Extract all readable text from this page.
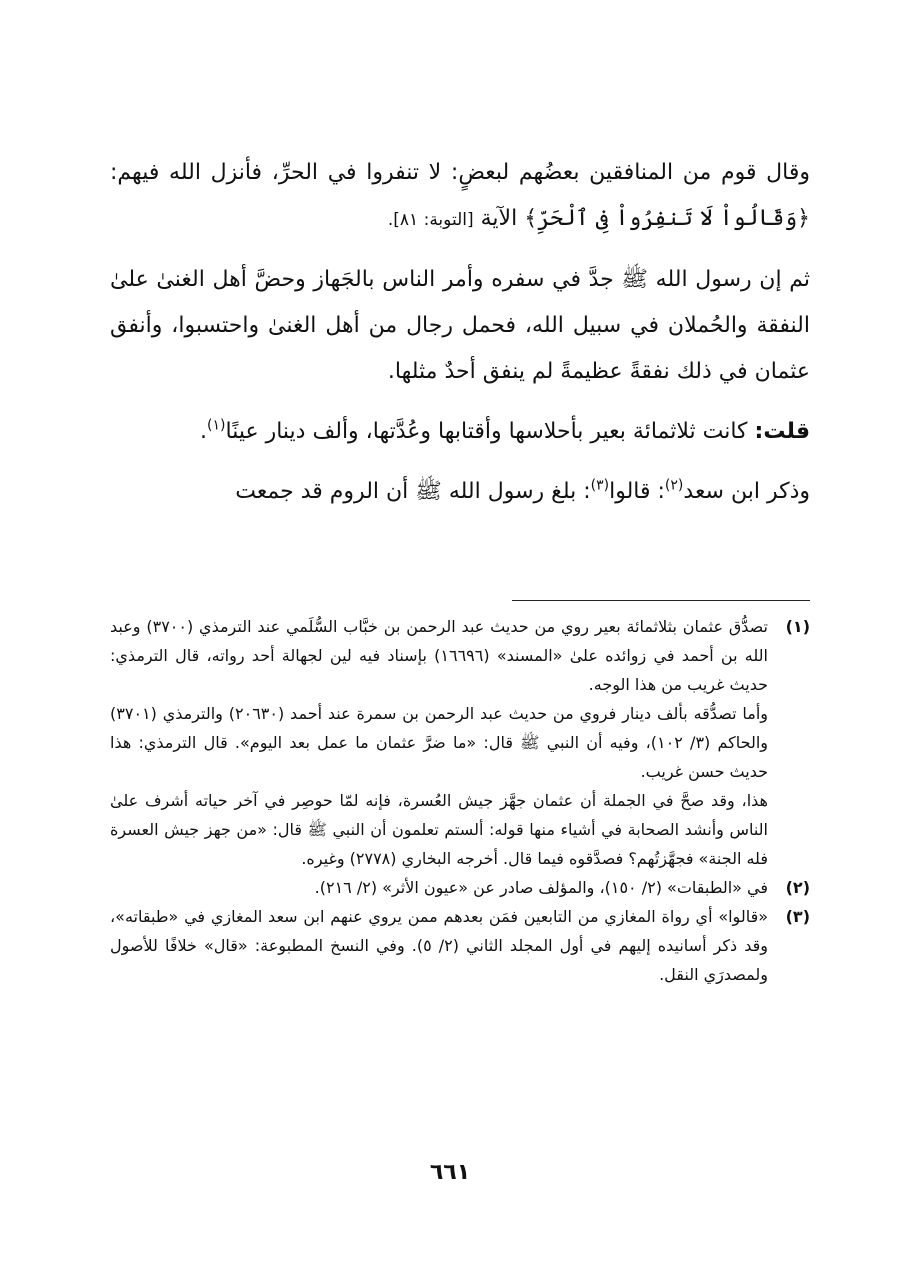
وقال قوم من المنافقين بعضُهم لبعضٍ: لا تنفروا في الحرِّ، فأنزل الله فيهم: ﴿وَقَالُواْ لَا تَنفِرُواْ فِى ٱلْحَرِّ﴾ الآية [التوبة: ٨١].

ثم إن رسول الله ﷺ جدَّ في سفره وأمر الناس بالجَهاز وحضَّ أهل الغنىٰ علىٰ النفقة والحُملان في سبيل الله، فحمل رجال من أهل الغنىٰ واحتسبوا، وأنفق عثمان في ذلك نفقةً عظيمةً لم ينفق أحدٌ مثلها.

قلت: كانت ثلاثمائة بعير بأحلاسها وأقتابها وعُدَّتها، وألف دينار عينًا$^{(١)}$.

وذكر ابن سعد$^{(٢)}$: قالوا$^{(٣)}$: بلغ رسول الله ﷺ أن الروم قد جمعت

(١)
تصدُّق عثمان بثلاثمائة بعير روي من حديث عبد الرحمن بن خبَّاب السُّلَمي عند الترمذي (٣٧٠٠) وعبد الله بن أحمد في زوائده علىٰ «المسند» (١٦٦٩٦) بإسناد فيه لين لجهالة أحد رواته، قال الترمذي: حديث غريب من هذا الوجه.
وأما تصدُّقه بألف دينار فروي من حديث عبد الرحمن بن سمرة عند أحمد (٢٠٦٣٠) والترمذي (٣٧٠١) والحاكم (٣/ ١٠٢)، وفيه أن النبي ﷺ قال: «ما ضرَّ عثمان ما عمل بعد اليوم». قال الترمذي: هذا حديث حسن غريب.
هذا، وقد صحَّ في الجملة أن عثمان جهَّز جيش العُسرة، فإنه لمّا حوصِر في آخر حياته أشرف علىٰ الناس وأنشد الصحابة في أشياء منها قوله: ألستم تعلمون أن النبي ﷺ قال: «من جهز جيش العسرة فله الجنة» فجهَّزتُهم؟ فصدَّقوه فيما قال. أخرجه البخاري (٢٧٧٨) وغيره.
(٢)
في «الطبقات» (٢/ ١٥٠)، والمؤلف صادر عن «عيون الأثر» (٢/ ٢١٦).
(٣)
«قالوا» أي رواة المغازي من التابعين فمَن بعدهم ممن يروي عنهم ابن سعد المغازي في «طبقاته»، وقد ذكر أسانيده إليهم في أول المجلد الثاني (٢/ ٥). وفي النسخ المطبوعة: «قال» خلافًا للأصول ولمصدرَي النقل.
٦٦١
